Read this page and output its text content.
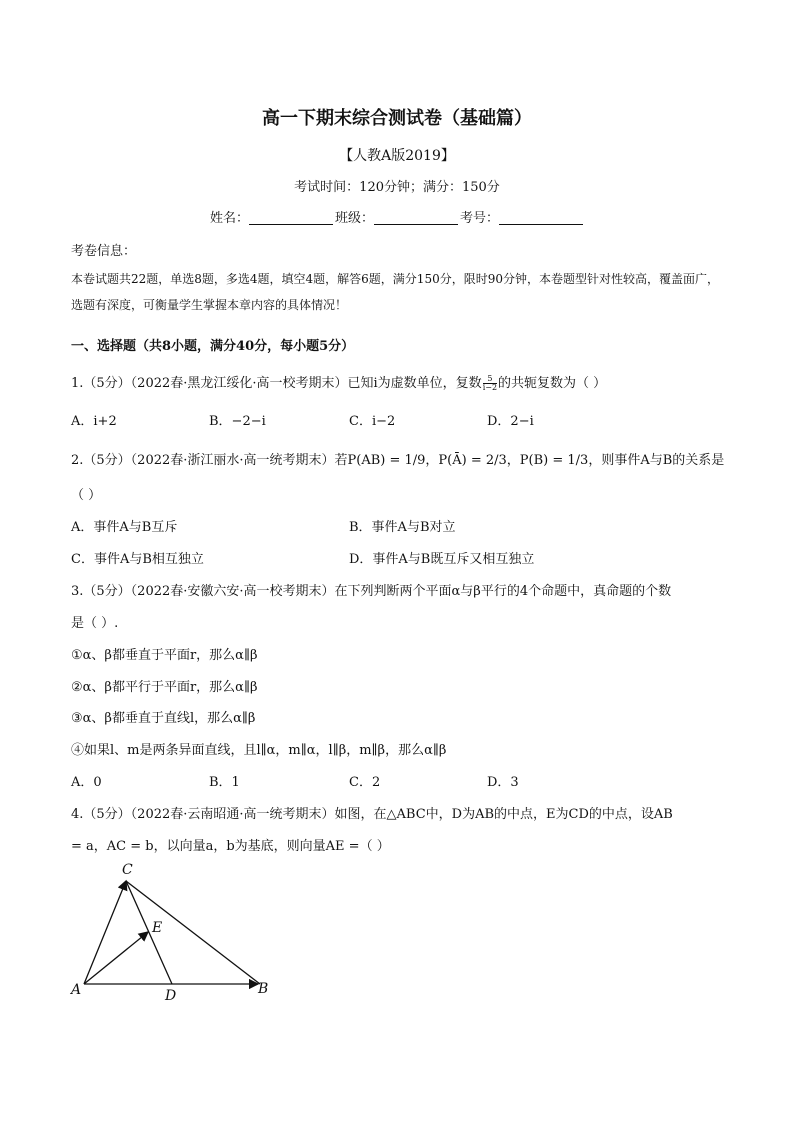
高一下期末综合测试卷（基础篇）
【人教A版2019】
考试时间：120分钟；满分：150分
姓名：	班级：	考号：
考卷信息：
本卷试题共22题，单选8题，多选4题，填空4题，解答6题，满分150分，限时90分钟，本卷题型针对性较高，覆盖面广，选题有深度，可衡量学生掌握本章内容的具体情况！
一、选择题（共8小题，满分40分，每小题5分）
1.（5分）（2022春·黑龙江绥化·高一校考期末）已知i为虚数单位，复数 $\frac{5}{i-2}$ 的共轭复数为（ ）
A．i+2	B．−2−i	C．i−2	D．2−i
2.（5分）（2022春·浙江丽水·高一统考期末）若P(AB) = 1/9，P(Ā) = 2/3，P(B) = 1/3，则事件A与B的关系是
（ ）
A．事件A与B互斥	B．事件A与B对立
C．事件A与B相互独立	D．事件A与B既互斥又相互独立
3.（5分）（2022春·安徽六安·高一校考期末）在下列判断两个平面α与β平行的4个命题中，真命题的个数
是（ ）.
①α、β都垂直于平面r，那么α∥β
②α、β都平行于平面r，那么α∥β
③α、β都垂直于直线l，那么α∥β
④如果l、m是两条异面直线，且l∥α，m∥α，l∥β，m∥β，那么α∥β
A．0	B．1	C．2	D．3
4.（5分）（2022春·云南昭通·高一统考期末）如图，在△ABC中，D为AB的中点，E为CD的中点，设AB
= a，AC = b，以向量a，b为基底，则向量AE =（ ）
C
E
A	D	B
